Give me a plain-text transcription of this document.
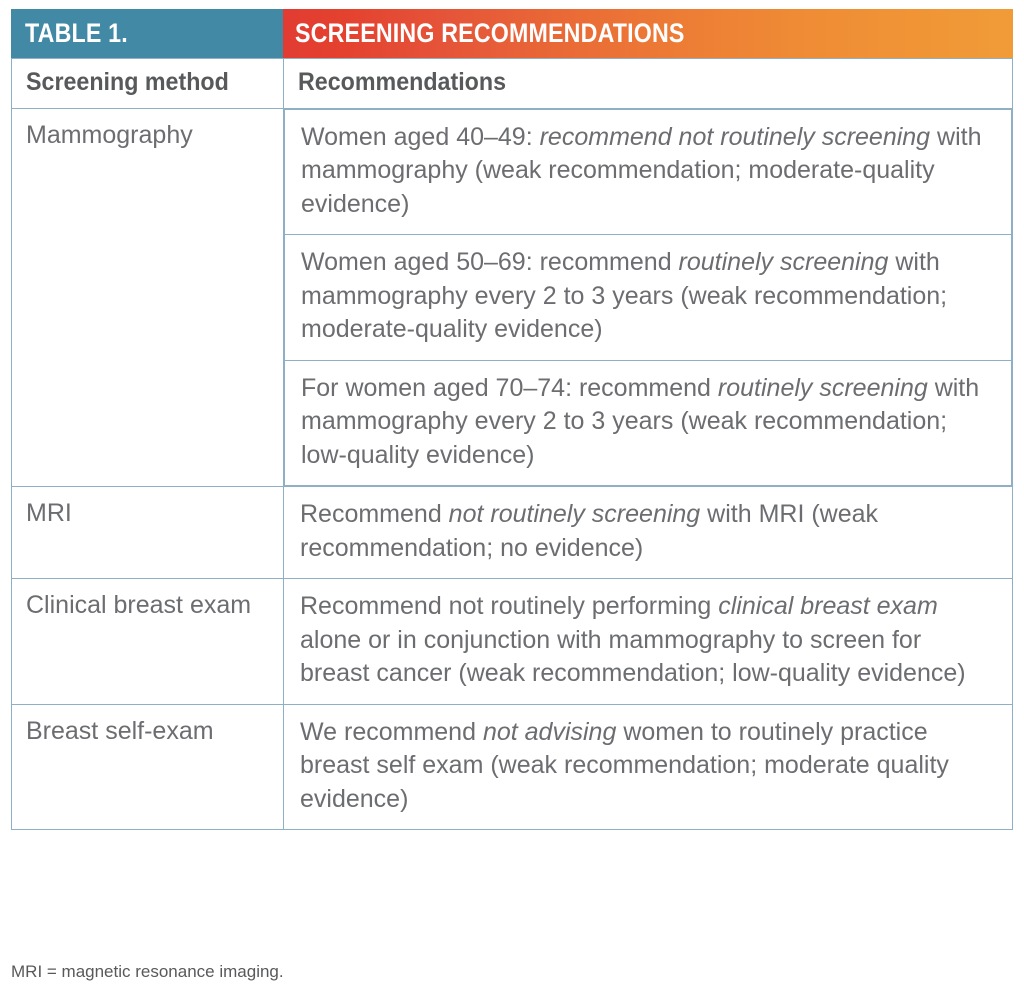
TABLE 1.	SCREENING RECOMMENDATIONS
Screening method	Recommendations
Mammography		Women aged 40–49: recommend not routinely screening with mammography (weak recommendation; moderate-quality evidence)
Women aged 50–69: recommend routinely screening with mammography every 2 to 3 years (weak recommendation; moderate-quality evidence)
For women aged 70–74: recommend routinely screening with mammography every 2 to 3 years (weak recommendation; low-quality evidence)

MRI	Recommend not routinely screening with MRI (weak recommendation; no evidence)
Clinical breast exam	Recommend not routinely performing clinical breast exam alone or in conjunction with mammography to screen for breast cancer (weak recommendation; low-quality evidence)
Breast self-exam	We recommend not advising women to routinely practice breast self exam (weak recommendation; moderate quality evidence)
MRI = magnetic resonance imaging.
